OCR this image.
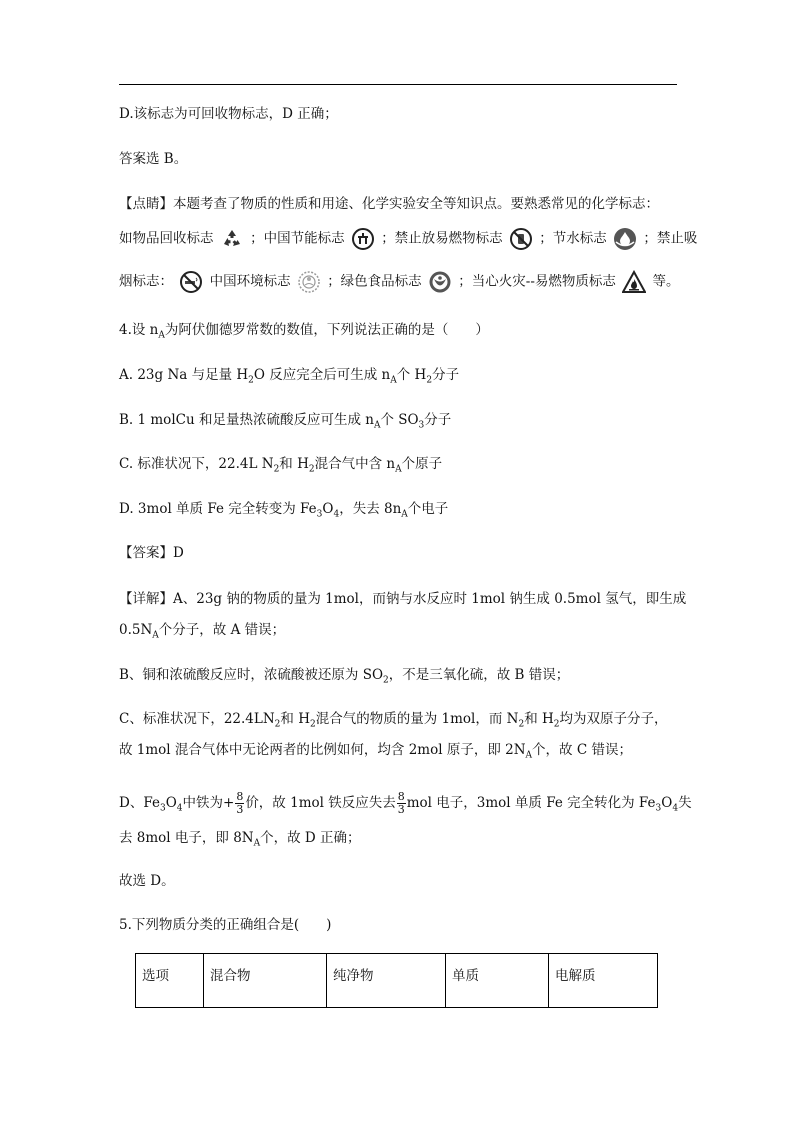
D.该标志为可回收物标志，D 正确；
答案选 B。
【点睛】本题考查了物质的性质和用途、化学实验安全等知识点。要熟悉常见的化学标志：
如物品回收标志	；中国节能标志	；禁止放易燃物标志	；节水标志	；禁止吸
烟标志：	中国环境标志	；绿色食品标志	；当心火灾--易燃物质标志	等。
4.设 $n_A$为阿伏伽德罗常数的数值，下列说法正确的是（　　）
A. 23g Na 与足量 $H_2O$ 反应完全后可生成 $n_A$个 $H_2$分子
B. 1 molCu 和足量热浓硫酸反应可生成 $n_A$个 $SO_3$分子
C. 标准状况下，22.4L $N_2$和 $H_2$混合气中含 $n_A$个原子
D. 3mol 单质 Fe 完全转变为 $Fe_3O_4$，失去 $8n_A$个电子
【答案】D
【详解】A、23g 钠的物质的量为 1mol，而钠与水反应时 1mol 钠生成 0.5mol 氢气，即生成
$0.5N_A$个分子，故 A 错误；
B、铜和浓硫酸反应时，浓硫酸被还原为 $SO_2$，不是三氧化硫，故 B 错误；
C、标准状况下，$22.4LN_2$和 $H_2$混合气的物质的量为 1mol，而 $N_2$和 $H_2$均为双原子分子，
故 1mol 混合气体中无论两者的比例如何，均含 2mol 原子，即 $2N_A$个，故 C 错误；
D、$Fe_3O_4$中铁为+ $\frac{8}{3}$ 价，故 1mol 铁反应失去 $\frac{8}{3}$ mol 电子，3mol 单质 Fe 完全转化为 $Fe_3O_4$失
去 8mol 电子，即 $8N_A$个，故 D 正确；
故选 D。
5.下列物质分类的正确组合是(　　)
选项	混合物	纯净物	单质	电解质
